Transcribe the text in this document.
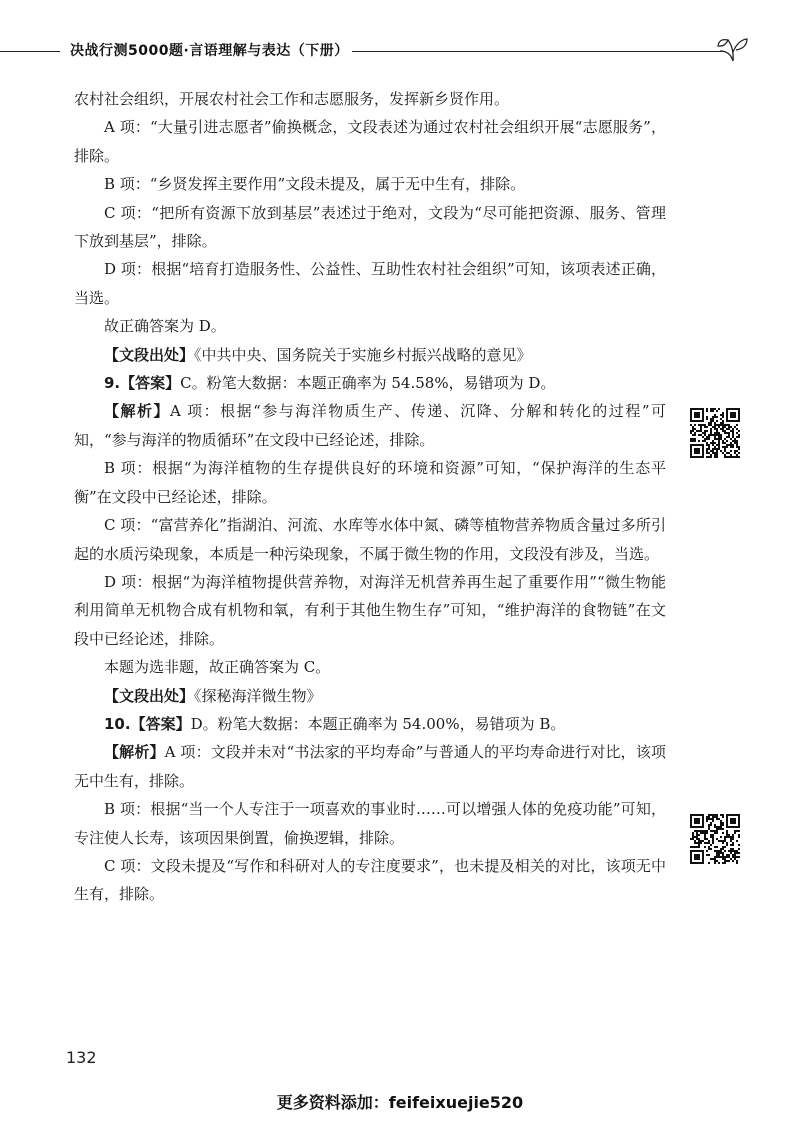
决战行测5000题·言语理解与表达（下册）

农村社会组织，开展农村社会工作和志愿服务，发挥新乡贤作用。

A 项：“大量引进志愿者”偷换概念，文段表述为通过农村社会组织开展“志愿服务”，排除。

B 项：“乡贤发挥主要作用”文段未提及，属于无中生有，排除。

C 项：“把所有资源下放到基层”表述过于绝对，文段为“尽可能把资源、服务、管理下放到基层”，排除。

D 项：根据“培育打造服务性、公益性、互助性农村社会组织”可知，该项表述正确，当选。

故正确答案为 D。

【文段出处】《中共中央、国务院关于实施乡村振兴战略的意见》

9.【答案】C。粉笔大数据：本题正确率为 54.58%，易错项为 D。

【解析】A 项：根据“参与海洋物质生产、传递、沉降、分解和转化的过程”可知，“参与海洋的物质循环”在文段中已经论述，排除。

B 项：根据“为海洋植物的生存提供良好的环境和资源”可知，“保护海洋的生态平衡”在文段中已经论述，排除。

C 项：“富营养化”指湖泊、河流、水库等水体中氮、磷等植物营养物质含量过多所引起的水质污染现象，本质是一种污染现象，不属于微生物的作用，文段没有涉及，当选。

D 项：根据“为海洋植物提供营养物，对海洋无机营养再生起了重要作用”“微生物能利用简单无机物合成有机物和氧，有利于其他生物生存”可知，“维护海洋的食物链”在文段中已经论述，排除。

本题为选非题，故正确答案为 C。

【文段出处】《探秘海洋微生物》

10.【答案】D。粉笔大数据：本题正确率为 54.00%，易错项为 B。

【解析】A 项：文段并未对“书法家的平均寿命”与普通人的平均寿命进行对比，该项无中生有，排除。

B 项：根据“当一个人专注于一项喜欢的事业时……可以增强人体的免疫功能”可知，专注使人长寿，该项因果倒置，偷换逻辑，排除。

C 项：文段未提及“写作和科研对人的专注度要求”，也未提及相关的对比，该项无中生有，排除。

132
更多资料添加：feifeixuejie520
